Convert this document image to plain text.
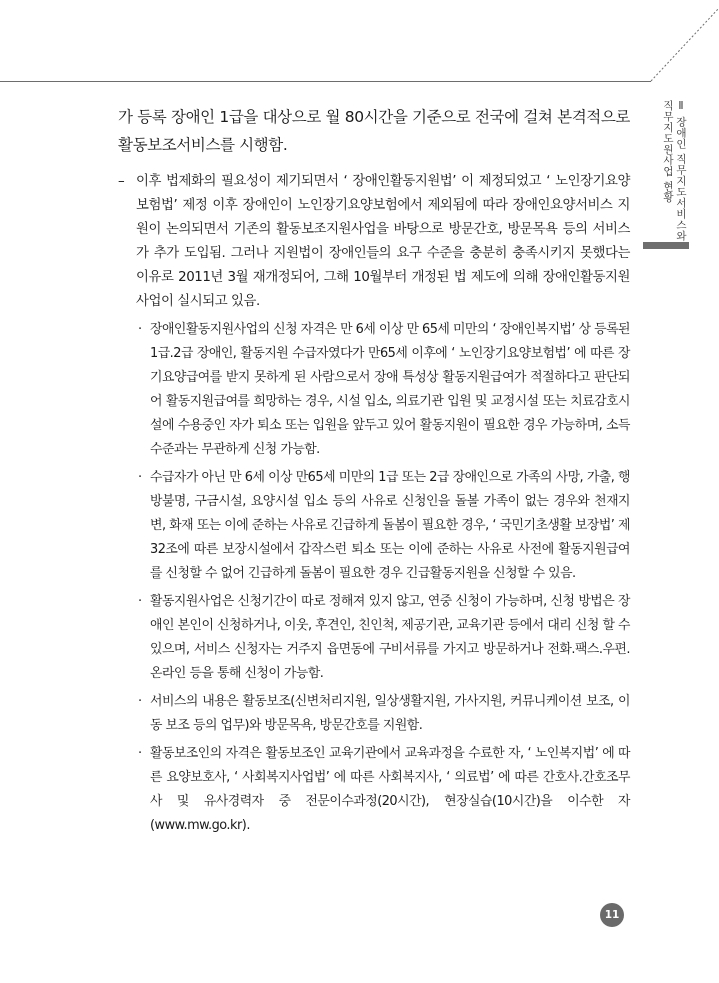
Ⅱ 장애인 직무지도서비스와 직무지도원사업 현황

가 등록 장애인 1급을 대상으로 월 80시간을 기준으로 전국에 걸쳐 본격적으로 활동보조서비스를 시행함.

– 이후 법제화의 필요성이 제기되면서 ‘ 장애인활동지원법’ 이 제정되었고 ‘ 노인장기요양보험법’ 제정 이후 장애인이 노인장기요양보험에서 제외됨에 따라 장애인요양서비스 지원이 논의되면서 기존의 활동보조지원사업을 바탕으로 방문간호, 방문목욕 등의 서비스가 추가 도입됨. 그러나 지원법이 장애인들의 요구 수준을 충분히 충족시키지 못했다는 이유로 2011년 3월 재개정되어, 그해 10월부터 개정된 법 제도에 의해 장애인활동지원사업이 실시되고 있음.
· 장애인활동지원사업의 신청 자격은 만 6세 이상 만 65세 미만의 ‘ 장애인복지법’ 상 등록된 1급.2급 장애인, 활동지원 수급자였다가 만65세 이후에 ‘ 노인장기요양보험법’ 에 따른 장기요양급여를 받지 못하게 된 사람으로서 장애 특성상 활동지원급여가 적절하다고 판단되어 활동지원급여를 희망하는 경우, 시설 입소, 의료기관 입원 및 교정시설 또는 치료감호시설에 수용중인 자가 퇴소 또는 입원을 앞두고 있어 활동지원이 필요한 경우 가능하며, 소득수준과는 무관하게 신청 가능함.
· 수급자가 아닌 만 6세 이상 만65세 미만의 1급 또는 2급 장애인으로 가족의 사망, 가출, 행방불명, 구금시설, 요양시설 입소 등의 사유로 신청인을 돌볼 가족이 없는 경우와 천재지변, 화재 또는 이에 준하는 사유로 긴급하게 돌봄이 필요한 경우, ‘ 국민기초생활 보장법’ 제32조에 따른 보장시설에서 갑작스런 퇴소 또는 이에 준하는 사유로 사전에 활동지원급여를 신청할 수 없어 긴급하게 돌봄이 필요한 경우 긴급활동지원을 신청할 수 있음.
· 활동지원사업은 신청기간이 따로 정해져 있지 않고, 연중 신청이 가능하며, 신청 방법은 장애인 본인이 신청하거나, 이웃, 후견인, 친인척, 제공기관, 교육기관 등에서 대리 신청 할 수 있으며, 서비스 신청자는 거주지 읍면동에 구비서류를 가지고 방문하거나 전화.팩스.우편.온라인 등을 통해 신청이 가능함.
· 서비스의 내용은 활동보조(신변처리지원, 일상생활지원, 가사지원, 커뮤니케이션 보조, 이동 보조 등의 업무)와 방문목욕, 방문간호를 지원함.
· 활동보조인의 자격은 활동보조인 교육기관에서 교육과정을 수료한 자, ‘ 노인복지법’ 에 따른 요양보호사, ‘ 사회복지사업법’ 에 따른 사회복지사, ‘ 의료법’ 에 따른 간호사.간호조무사 및 유사경력자 중 전문이수과정(20시간), 현장실습(10시간)을 이수한 자(www.mw.go.kr).
11
